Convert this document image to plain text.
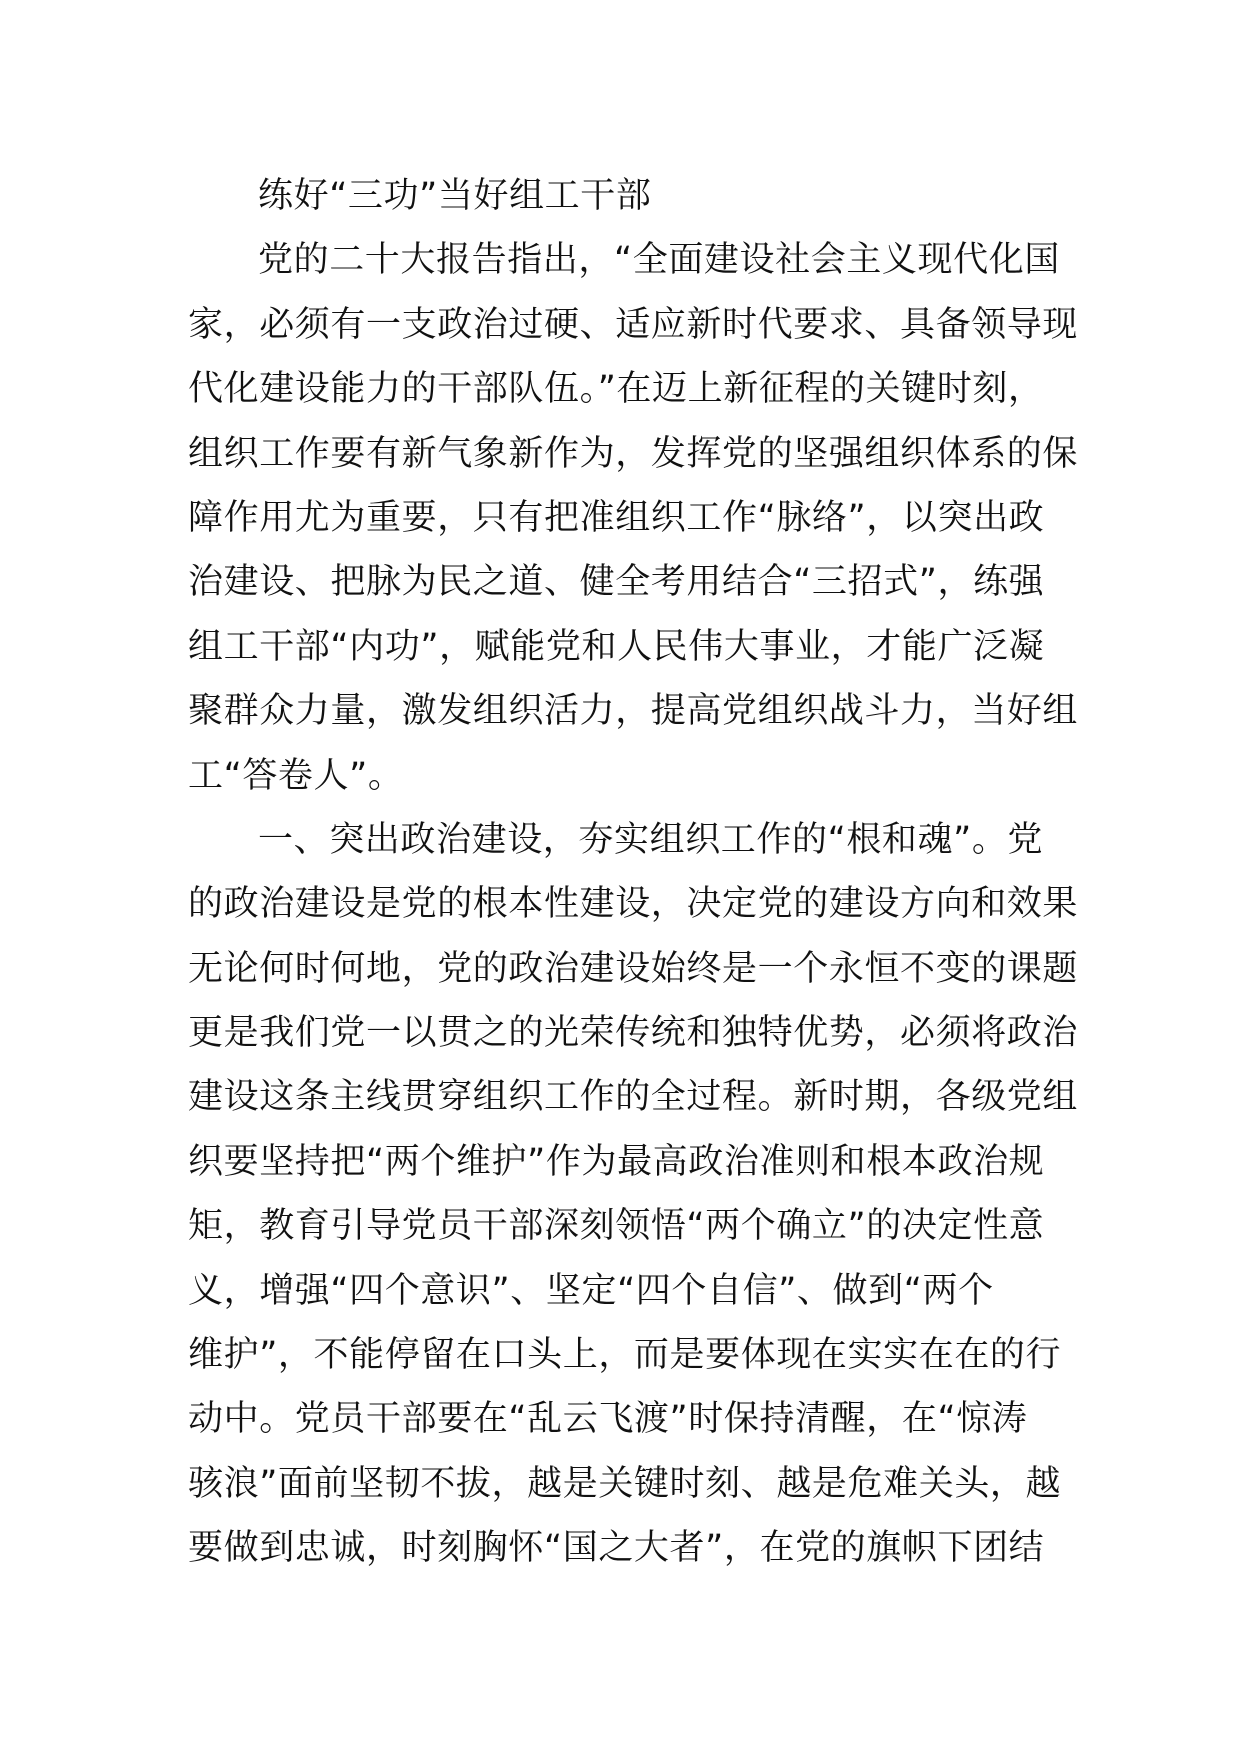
练好“三功”当好组工干部
党的二十大报告指出，“全面建设社会主义现代化国
家，必须有一支政治过硬、适应新时代要求、具备领导现
代化建设能力的干部队伍。”在迈上新征程的关键时刻，
组织工作要有新气象新作为，发挥党的坚强组织体系的保
障作用尤为重要，只有把准组织工作“脉络”，以突出政
治建设、把脉为民之道、健全考用结合“三招式”，练强
组工干部“内功”，赋能党和人民伟大事业，才能广泛凝
聚群众力量，激发组织活力，提高党组织战斗力，当好组
工“答卷人”。
一、突出政治建设，夯实组织工作的“根和魂”。党
的政治建设是党的根本性建设，决定党的建设方向和效果
无论何时何地，党的政治建设始终是一个永恒不变的课题
更是我们党一以贯之的光荣传统和独特优势，必须将政治
建设这条主线贯穿组织工作的全过程。新时期，各级党组
织要坚持把“两个维护”作为最高政治准则和根本政治规
矩，教育引导党员干部深刻领悟“两个确立”的决定性意
义，增强“四个意识”、坚定“四个自信”、做到“两个
维护”，不能停留在口头上，而是要体现在实实在在的行
动中。党员干部要在“乱云飞渡”时保持清醒，在“惊涛
骇浪”面前坚韧不拔，越是关键时刻、越是危难关头，越
要做到忠诚，时刻胸怀“国之大者”，在党的旗帜下团结
